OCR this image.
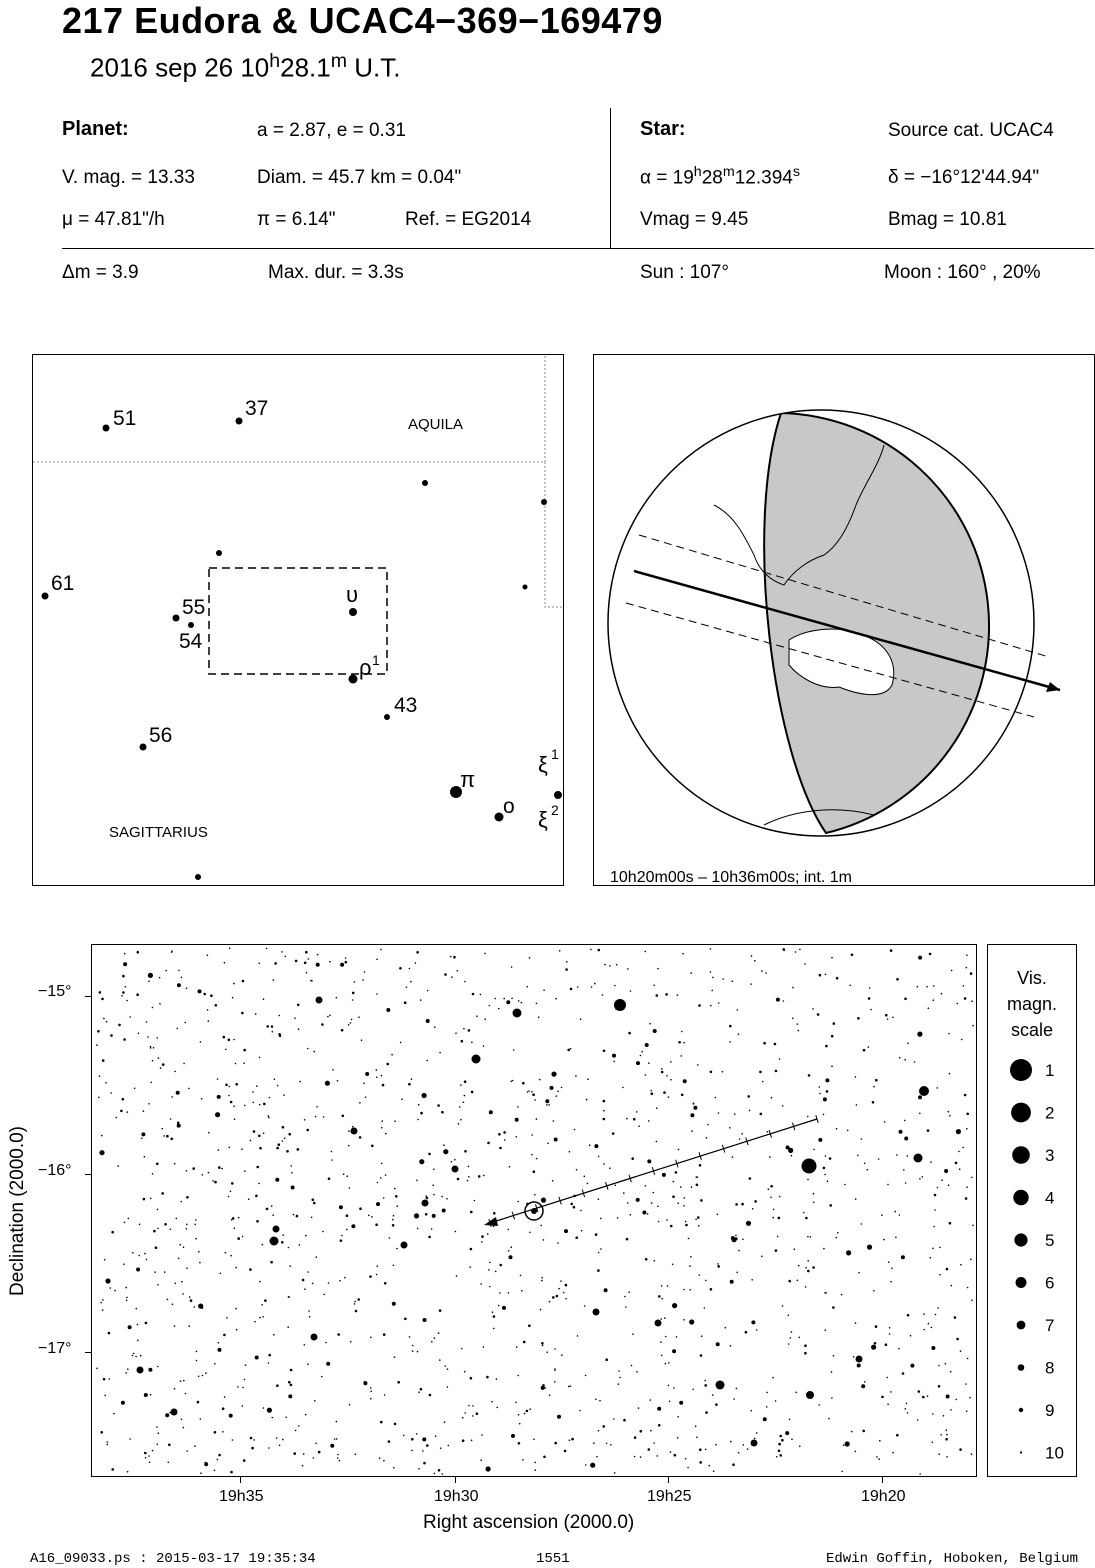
217 Eudora & UCAC4−369−169479
2016 sep 26 10$^h$28.1$^m$ U.T.
Planet:	a = 2.87, e = 0.31
V. mag. = 13.33	Diam. = 45.7 km = 0.04"
μ = 47.81"/h	π = 6.14"	Ref. = EG2014
Star:	Source cat. UCAC4
$\alpha = 19^h28^m12.394^s$	δ = −16°12'44.94"
Vmag = 9.45	Bmag = 10.81
Δm = 3.9	Max. dur. = 3.3s	Sun : 107°	Moon : 160° , 20%
51	37
61
55
54
56
43
υ
ρ 1
π
o
ξ 1
ξ 2
AQUILA
SAGITTARIUS
10h20m00s – 10h36m00s; int. 1m
−15°
−16°
−17°
19h35	19h30	19h25	19h20
Right ascension (2000.0)
Declination (2000.0)
Vis.
magn.
scale
1
2
3
4
5
6
7
8
9
10
A16_09033.ps : 2015-03-17 19:35:34	1551	Edwin Goffin, Hoboken, Belgium
